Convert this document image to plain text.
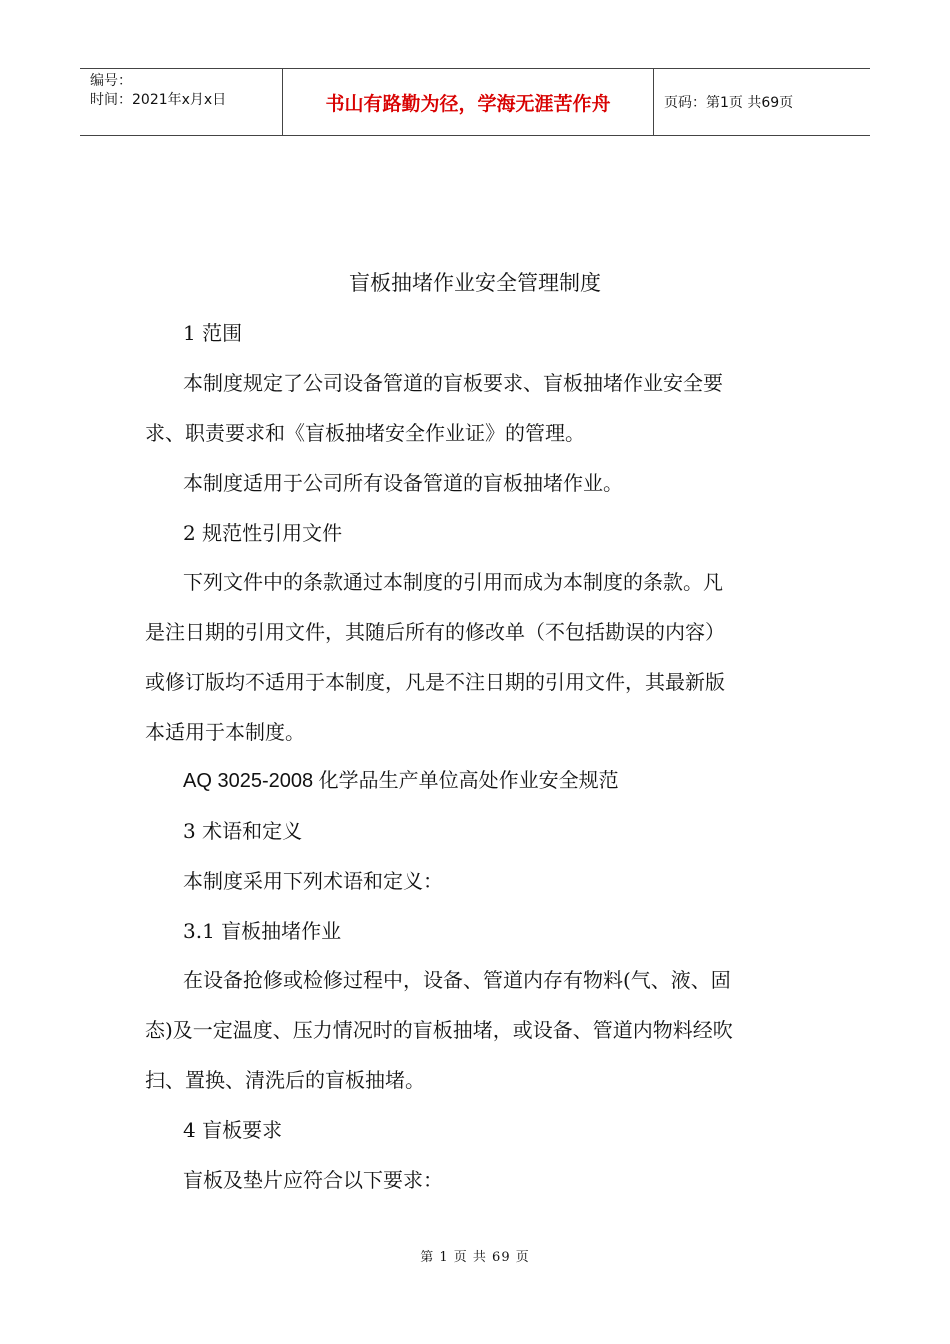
编号：
时间：2021年x月x日	书山有路勤为径，学海无涯苦作舟	页码：第1页 共69页
盲板抽堵作业安全管理制度
1 范围
本制度规定了公司设备管道的盲板要求、盲板抽堵作业安全要
求、职责要求和《盲板抽堵安全作业证》的管理。
本制度适用于公司所有设备管道的盲板抽堵作业。
2 规范性引用文件
下列文件中的条款通过本制度的引用而成为本制度的条款。凡
是注日期的引用文件，其随后所有的修改单（不包括勘误的内容）
或修订版均不适用于本制度，凡是不注日期的引用文件，其最新版
本适用于本制度。
AQ 3025-2008 化学品生产单位高处作业安全规范
3 术语和定义
本制度采用下列术语和定义：
3.1 盲板抽堵作业
在设备抢修或检修过程中，设备、管道内存有物料(气、液、固
态)及一定温度、压力情况时的盲板抽堵，或设备、管道内物料经吹
扫、置换、清洗后的盲板抽堵。
4 盲板要求
盲板及垫片应符合以下要求：
第 1 页 共 69 页
